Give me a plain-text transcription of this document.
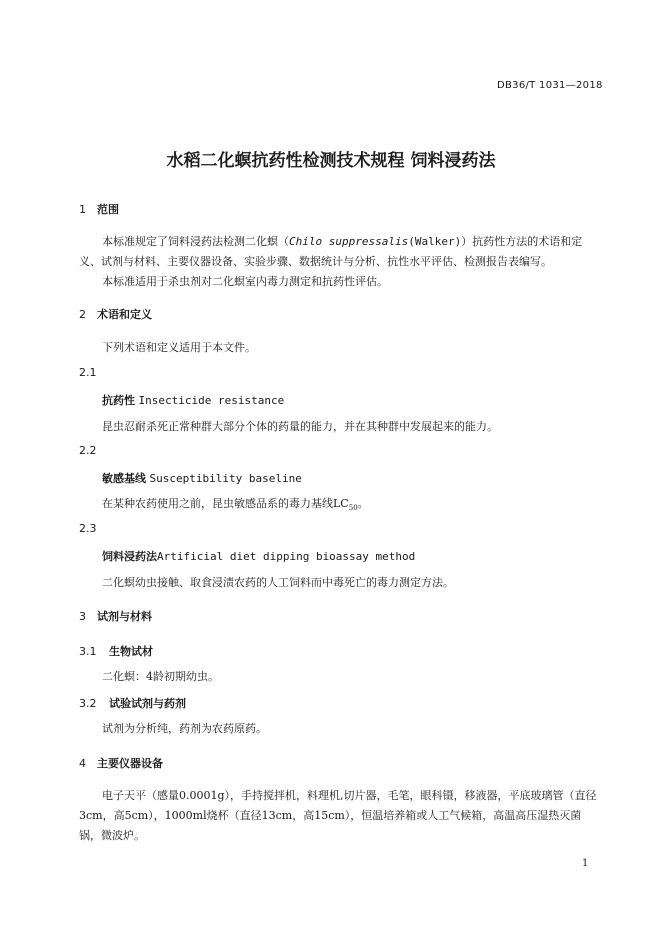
DB36/T 1031—2018
水稻二化螟抗药性检测技术规程 饲料浸药法
1 范围

本标准规定了饲料浸药法检测二化螟（Chilo suppressalis(Walker)）抗药性方法的术语和定义、试剂与材料、主要仪器设备、实验步骤、数据统计与分析、抗性水平评估、检测报告表编写。

本标准适用于杀虫剂对二化螟室内毒力测定和抗药性评估。

2 术语和定义
下列术语和定义适用于本文件。
2.1
抗药性 Insecticide resistance
昆虫忍耐杀死正常种群大部分个体的药量的能力，并在其种群中发展起来的能力。
2.2
敏感基线 Susceptibility baseline
在某种农药使用之前，昆虫敏感品系的毒力基线$LC_{50}$。
2.3
饲料浸药法Artificial diet dipping bioassay method
二化螟幼虫接触、取食浸渍农药的人工饲料而中毒死亡的毒力测定方法。
3 试剂与材料
3.1 生物试材
二化螟：4龄初期幼虫。
3.2 试验试剂与药剂
试剂为分析纯，药剂为农药原药。
4 主要仪器设备

电子天平（感量0.0001g），手持搅拌机，料理机,切片器，毛笔，眼科镊，移液器，平底玻璃管（直径3cm，高5cm），1000ml烧杯（直径13cm，高15cm），恒温培养箱或人工气候箱，高温高压湿热灭菌锅，微波炉。

1
